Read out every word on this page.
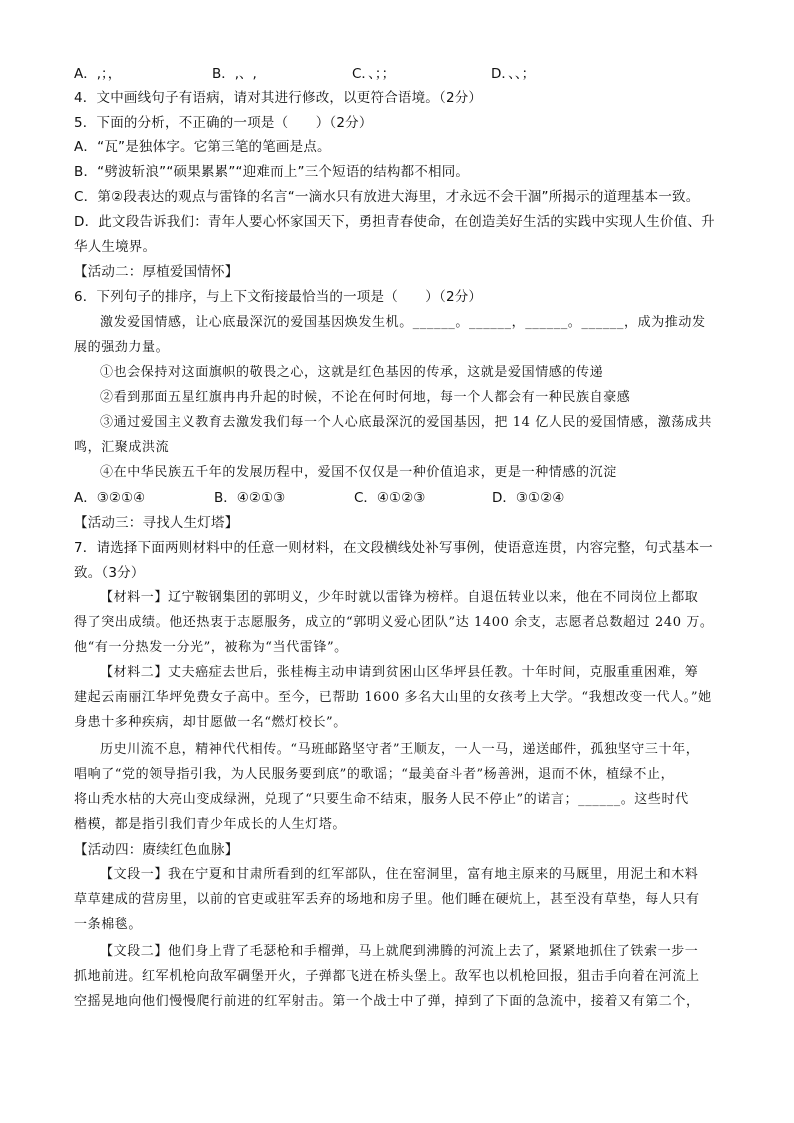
A．,；，	B．,、,	C．、；；	D．、、；
4．文中画线句子有语病，请对其进行修改，以更符合语境。（2分）
5．下面的分析，不正确的一项是（　　）（2分）
A．“瓦”是独体字。它第三笔的笔画是点。
B．“劈波斩浪”“硕果累累”“迎难而上”三个短语的结构都不相同。
C．第②段表达的观点与雷锋的名言“一滴水只有放进大海里，才永远不会干涸”所揭示的道理基本一致。
D．此文段告诉我们：青年人要心怀家国天下，勇担青春使命，在创造美好生活的实践中实现人生价值、升
华人生境界。
【活动二：厚植爱国情怀】
6．下列句子的排序，与上下文衔接最恰当的一项是（　　）（2分）
激发爱国情感，让心底最深沉的爱国基因焕发生机。______。______，______。______，成为推动发
展的强劲力量。
①也会保持对这面旗帜的敬畏之心，这就是红色基因的传承，这就是爱国情感的传递
②看到那面五星红旗冉冉升起的时候，不论在何时何地，每一个人都会有一种民族自豪感
③通过爱国主义教育去激发我们每一个人心底最深沉的爱国基因，把 14 亿人民的爱国情感，激荡成共
鸣，汇聚成洪流
④在中华民族五千年的发展历程中，爱国不仅仅是一种价值追求，更是一种情感的沉淀
A．③②①④	B．④②①③	C．④①②③	D．③①②④
【活动三：寻找人生灯塔】
7．请选择下面两则材料中的任意一则材料，在文段横线处补写事例，使语意连贯，内容完整，句式基本一
致。（3分）
【材料一】辽宁鞍钢集团的郭明义，少年时就以雷锋为榜样。自退伍转业以来，他在不同岗位上都取
得了突出成绩。他还热衷于志愿服务，成立的“郭明义爱心团队”达 1400 余支，志愿者总数超过 240 万。
他“有一分热发一分光”，被称为“当代雷锋”。
【材料二】丈夫癌症去世后，张桂梅主动申请到贫困山区华坪县任教。十年时间，克服重重困难，筹
建起云南丽江华坪免费女子高中。至今，已帮助 1600 多名大山里的女孩考上大学。“我想改变一代人。”她
身患十多种疾病，却甘愿做一名“燃灯校长”。
历史川流不息，精神代代相传。“马班邮路坚守者”王顺友，一人一马，递送邮件，孤独坚守三十年，
唱响了“党的领导指引我，为人民服务要到底”的歌谣；“最美奋斗者”杨善洲，退而不休，植绿不止，
将山秃水枯的大亮山变成绿洲，兑现了“只要生命不结束，服务人民不停止”的诺言；______。这些时代
楷模，都是指引我们青少年成长的人生灯塔。
【活动四：赓续红色血脉】
【文段一】我在宁夏和甘肃所看到的红军部队，住在窑洞里，富有地主原来的马厩里，用泥土和木料
草草建成的营房里，以前的官吏或驻军丢弃的场地和房子里。他们睡在硬炕上，甚至没有草垫，每人只有
一条棉毯。
【文段二】他们身上背了毛瑟枪和手榴弹，马上就爬到沸腾的河流上去了，紧紧地抓住了铁索一步一
抓地前进。红军机枪向敌军碉堡开火，子弹都飞迸在桥头堡上。敌军也以机枪回报，狙击手向着在河流上
空摇晃地向他们慢慢爬行前进的红军射击。第一个战士中了弹，掉到了下面的急流中，接着又有第二个，
